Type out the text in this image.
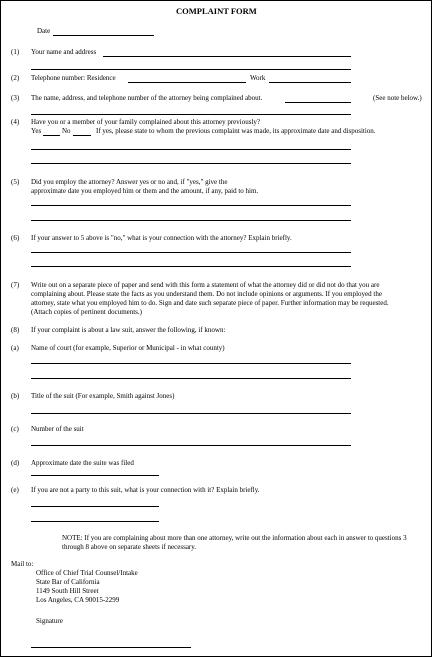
COMPLAINT FORM
Date
(1) Your name and address
(2) Telephone number: Residence	Work
(3) The name, address, and telephone number of the attorney being complained about.	(See note below.)
(4) Have you or a member of your family complained about this attorney previously?
Yes	No	If yes, please state to whom the previous complaint was made, its approximate date and disposition.
(5) Did you employ the attorney? Answer yes or no and, if "yes," give the
approximate date you employed him or them and the amount, if any, paid to him.
(6) If your answer to 5 above is "no," what is your connection with the attorney? Explain briefly.
(7) Write out on a separate piece of paper and send with this form a statement of what the attorney did or did not do that you are
complaining about. Please state the facts as you understand them. Do not include opinions or arguments. If you employed the
attorney, state what you employed him to do. Sign and date such separate piece of paper. Further information may be requested.
(Attach copies of pertinent documents.)
(8) If your complaint is about a law suit, answer the following, if known:
(a) Name of court (for example, Superior or Municipal - in what county)
(b) Title of the suit (For example, Smith against Jones)
(c) Number of the suit
(d) Approximate date the suite was filed
(e) If you are not a party to this suit, what is your connection with it? Explain briefly.
NOTE: If you are complaining about more than one attorney, write out the information about each in answer to questions 3
through 8 above on separate sheets if necessary.
Mail to:
Office of Chief Trial Counsel/Intake
State Bar of California
1149 South Hill Street
Los Angeles, CA 90015-2299
Signature
